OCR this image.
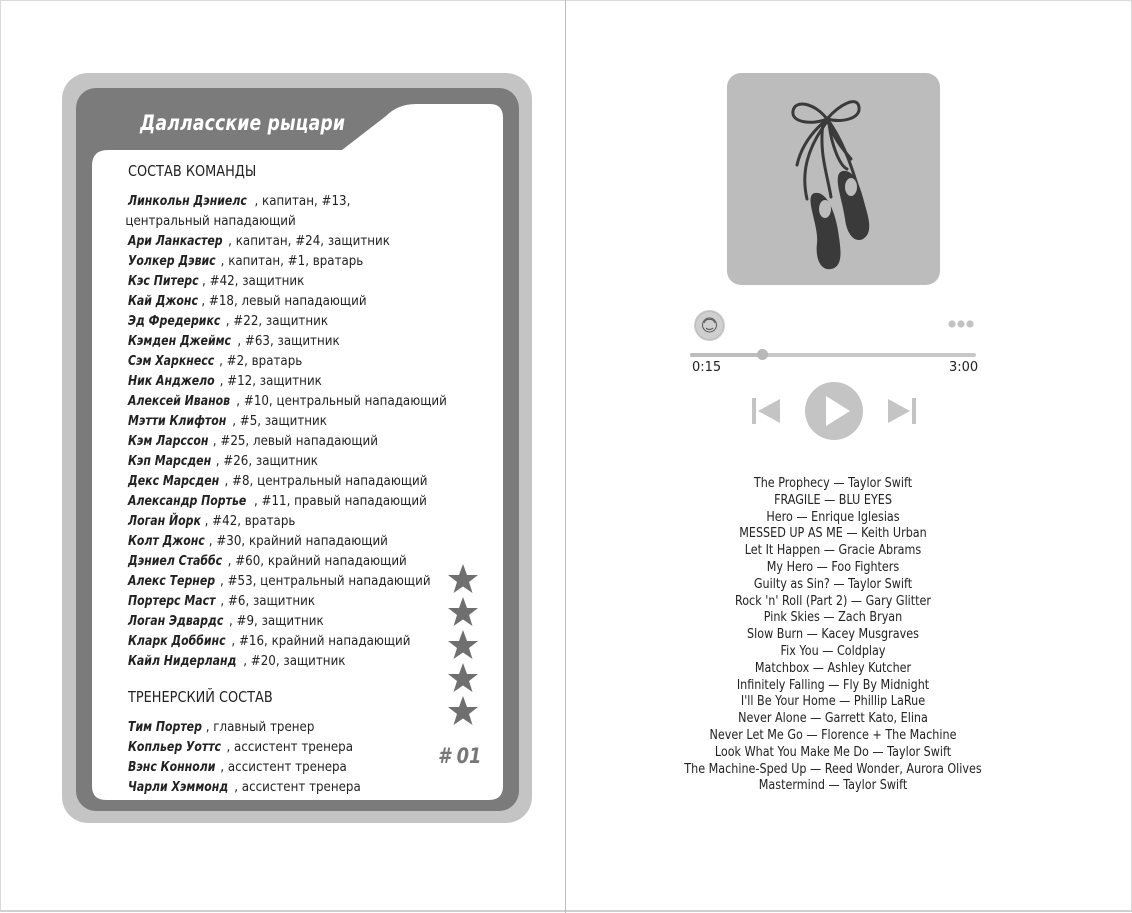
Далласские рыцари
СОСТАВ КОМАНДЫ
Линкольн Дэниелс , капитан, #13,
центральный нападающий
Ари Ланкастер , капитан, #24, защитник
Уолкер Дэвис , капитан, #1, вратарь
Кэс Питерс , #42, защитник
Кай Джонс , #18, левый нападающий
Эд Фредерикс , #22, защитник
Кэмден Джеймс , #63, защитник
Сэм Харкнесс , #2, вратарь
Ник Анджело , #12, защитник
Алексей Иванов , #10, центральный нападающий
Мэтти Клифтон , #5, защитник
Кэм Ларссон , #25, левый нападающий
Кэп Марсден , #26, защитник
Декс Марсден , #8, центральный нападающий
Александр Портье , #11, правый нападающий
Логан Йорк , #42, вратарь
Колт Джонс , #30, крайний нападающий
Дэниел Стаббс , #60, крайний нападающий
Алекс Тернер , #53, центральный нападающий
Портерс Маст , #6, защитник
Логан Эдвардс , #9, защитник
Кларк Доббинс , #16, крайний нападающий
Кайл Нидерланд , #20, защитник
ТРЕНЕРСКИЙ СОСТАВ
Тим Портер , главный тренер
Копльер Уоттс , ассистент тренера
Вэнс Конноли , ассистент тренера
Чарли Хэммонд , ассистент тренера
# 01
0:15	3:00
The Prophecy — Taylor Swift
FRAGILE — BLU EYES
Hero — Enrique Iglesias
MESSED UP AS ME — Keith Urban
Let It Happen — Gracie Abrams
My Hero — Foo Fighters
Guilty as Sin? — Taylor Swift
Rock 'n' Roll (Part 2) — Gary Glitter
Pink Skies — Zach Bryan
Slow Burn — Kacey Musgraves
Fix You — Coldplay
Matchbox — Ashley Kutcher
Infinitely Falling — Fly By Midnight
I'll Be Your Home — Phillip LaRue
Never Alone — Garrett Kato, Elina
Never Let Me Go — Florence + The Machine
Look What You Make Me Do — Taylor Swift
The Machine-Sped Up — Reed Wonder, Aurora Olives
Mastermind — Taylor Swift
